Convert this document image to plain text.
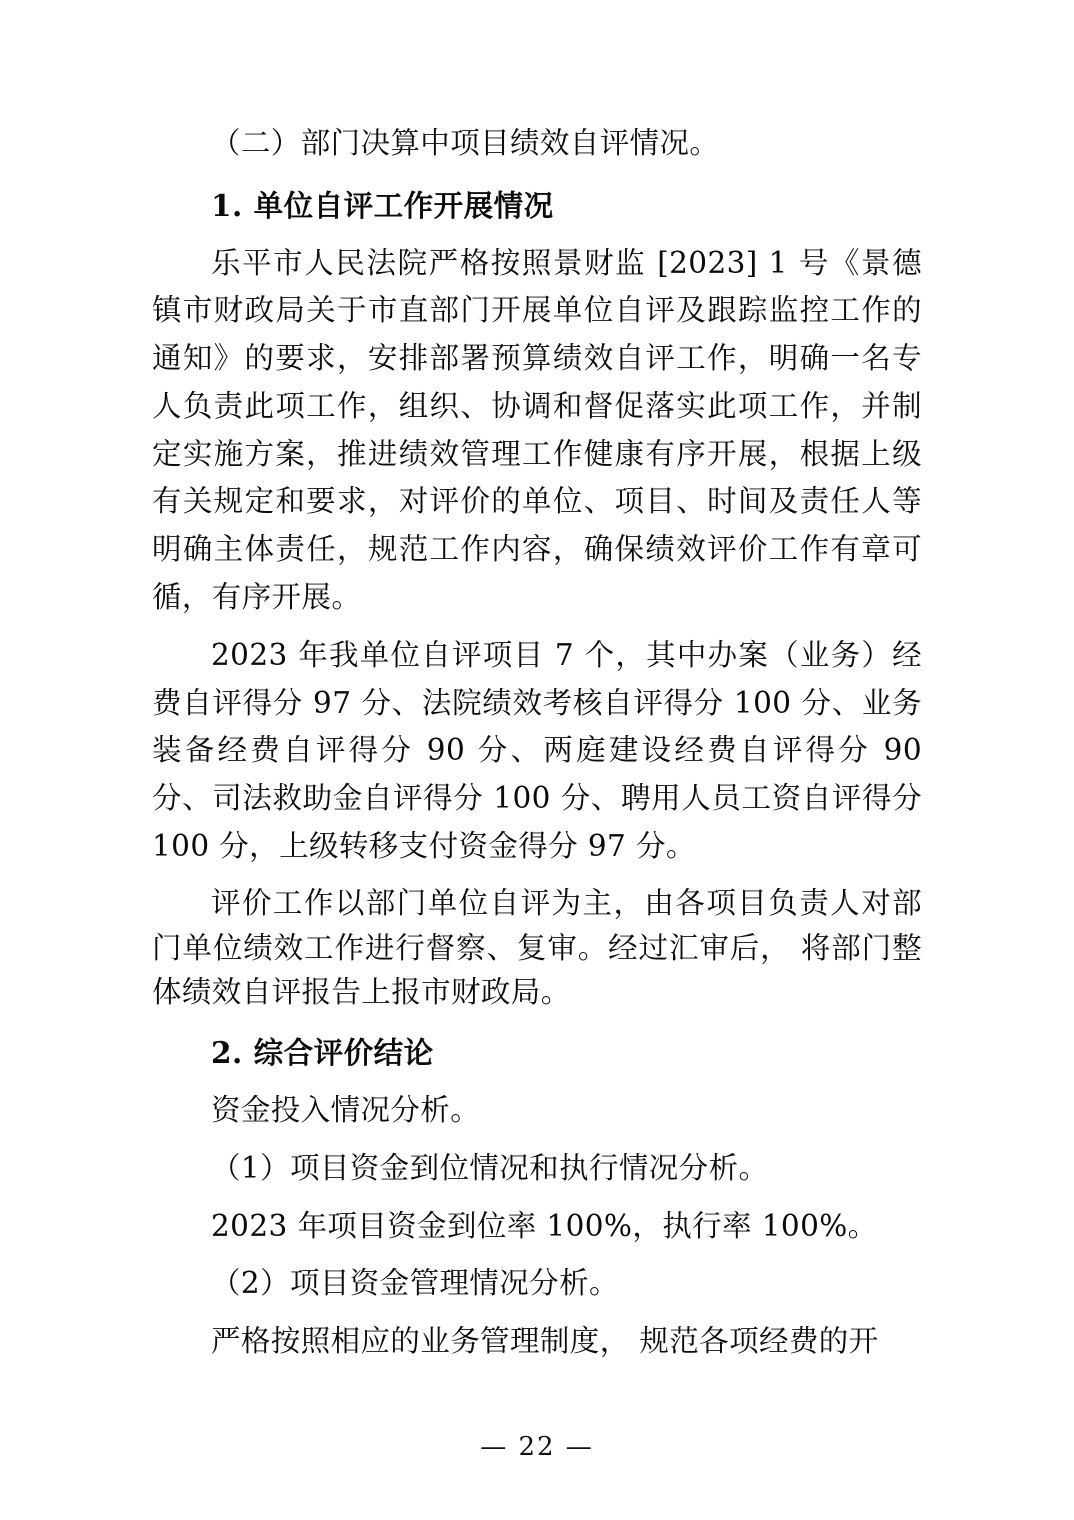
（二）部门决算中项目绩效自评情况。

1. 单位自评工作开展情况

乐平市人民法院严格按照景财监 [2023] 1 号《景德镇市财政局关于市直部门开展单位自评及跟踪监控工作的通知》的要求，安排部署预算绩效自评工作，明确一名专人负责此项工作，组织、协调和督促落实此项工作，并制定实施方案，推进绩效管理工作健康有序开展，根据上级有关规定和要求，对评价的单位、项目、时间及责任人等明确主体责任，规范工作内容，确保绩效评价工作有章可循，有序开展。

2023 年我单位自评项目 7 个，其中办案（业务）经费自评得分 97 分、法院绩效考核自评得分 100 分、业务装备经费自评得分 90 分、两庭建设经费自评得分 90 分、司法救助金自评得分 100 分、聘用人员工资自评得分 100 分，上级转移支付资金得分 97 分。

评价工作以部门单位自评为主，由各项目负责人对部门单位绩效工作进行督察、复审。经过汇审后， 将部门整体绩效自评报告上报市财政局。

2. 综合评价结论

资金投入情况分析。

（1）项目资金到位情况和执行情况分析。

2023 年项目资金到位率 100%，执行率 100%。

（2）项目资金管理情况分析。

严格按照相应的业务管理制度， 规范各项经费的开

— 22 —
